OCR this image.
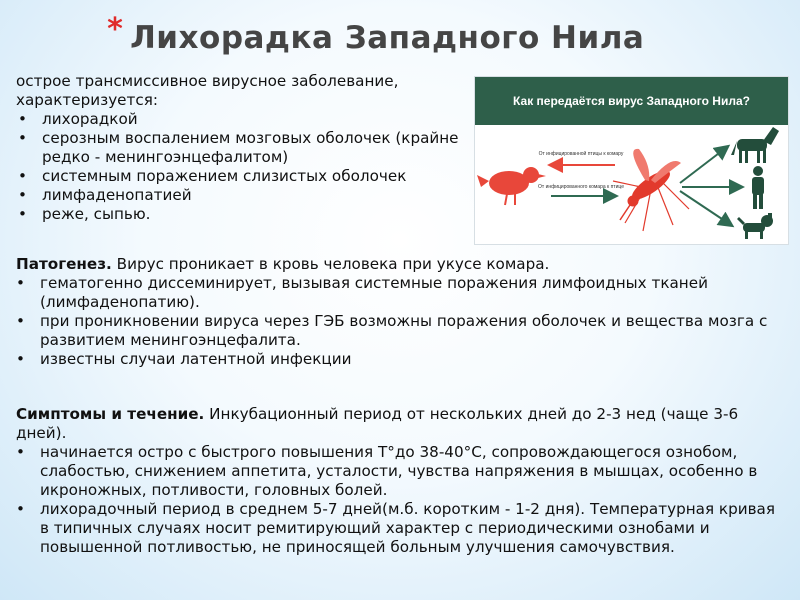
* Лихорадка Западного Нила
острое трансмиссивное вирусное заболевание, характеризуется:
• лихорадкой
• серозным воспалением мозговых оболочек (крайне редко - менингоэнцефалитом)
• системным поражением слизистых оболочек
• лимфаденопатией
• реже, сыпью.
Как передаётся вирус Западного Нила?
От инфицированной птицы к комару
От инфицированного комара к птице
Патогенез. Вирус проникает в кровь человека при укусе комара.
• гематогенно диссеминирует, вызывая системные поражения лимфоидных тканей (лимфаденопатию).
• при проникновении вируса через ГЭБ возможны поражения оболочек и вещества мозга с развитием менингоэнцефалита.
• известны случаи латентной инфекции
Симптомы и течение. Инкубационный период от нескольких дней до 2-3 нед (чаще 3-6 дней).
• начинается остро с быстрого повышения Т°до 38-40°С, сопровождающегося ознобом, слабостью, снижением аппетита, усталости, чувства напряжения в мышцах, особенно в икроножных, потливости, головных болей.
• лихорадочный период в среднем 5-7 дней(м.б. коротким - 1-2 дня). Температурная кривая в типичных случаях носит ремитирующий характер с периодическими ознобами и повышенной потливостью, не приносящей больным улучшения самочувствия.
